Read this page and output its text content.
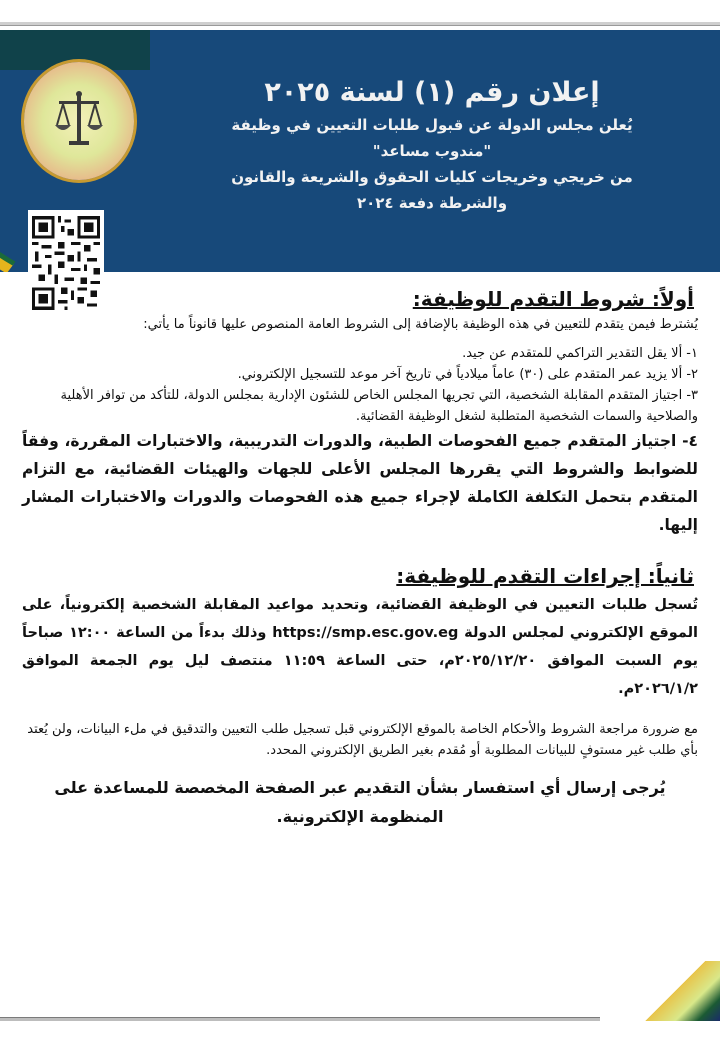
إعلان رقم (١) لسنة ٢٠٢٥
يُعلن مجلس الدولة عن قبول طلبات التعيين في وظيفة
"مندوب مساعد"
من خريجي وخريجات كليات الحقوق والشريعة والقانون
والشرطة دفعة ٢٠٢٤
أولاً: شروط التقدم للوظيفة:
يُشترط فيمن يتقدم للتعيين في هذه الوظيفة بالإضافة إلى الشروط العامة المنصوص عليها قانوناً ما يأتي:
١- ألا يقل التقدير التراكمي للمتقدم عن جيد.
٢- ألا يزيد عمر المتقدم على (٣٠) عاماً ميلادياً في تاريخ آخر موعد للتسجيل الإلكتروني.
٣- اجتياز المتقدم المقابلة الشخصية، التي تجريها المجلس الخاص للشئون الإدارية بمجلس الدولة، للتأكد من توافر الأهلية والصلاحية والسمات الشخصية المتطلبة لشغل الوظيفة القضائية.
٤- اجتياز المتقدم جميع الفحوصات الطبية، والدورات التدريبية، والاختبارات المقررة، وفقاً للضوابط والشروط التي يقررها المجلس الأعلى للجهات والهيئات القضائية، مع التزام المتقدم بتحمل التكلفة الكاملة لإجراء جميع هذه الفحوصات والدورات والاختبارات المشار إليها.
ثانياً: إجراءات التقدم للوظيفة:
تُسجل طلبات التعيين في الوظيفة القضائية، وتحديد مواعيد المقابلة الشخصية إلكترونياً، على الموقع الإلكتروني لمجلس الدولة https://smp.esc.gov.eg وذلك بدءاً من الساعة ١٢:٠٠ صباحاً يوم السبت الموافق ٢٠٢٥/١٢/٢٠م، حتى الساعة ١١:٥٩ منتصف ليل يوم الجمعة الموافق ٢٠٢٦/١/٢م.
مع ضرورة مراجعة الشروط والأحكام الخاصة بالموقع الإلكتروني قبل تسجيل طلب التعيين والتدقيق في ملء البيانات، ولن يُعتد بأي طلب غير مستوفٍ للبيانات المطلوبة أو مُقدم بغير الطريق الإلكتروني المحدد.
يُرجى إرسال أي استفسار بشأن التقديم عبر الصفحة المخصصة للمساعدة على المنظومة الإلكترونية.
